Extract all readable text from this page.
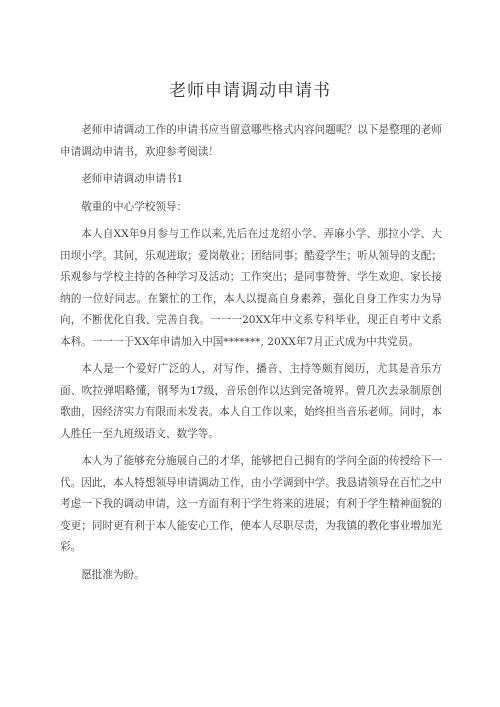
老师申请调动申请书

老师申请调动工作的申请书应当留意哪些格式内容问题呢？以下是整理的老师申请调动申请书，欢迎参考阅读！

老师申请调动申请书1

敬重的中心学校领导：

本人自XX年9月参与工作以来,先后在过龙绍小学、弄麻小学、那拉小学、大田坝小学。其间，乐观进取；爱岗敬业；团结同事；酷爱学生；听从领导的支配；乐观参与学校主持的各种学习及活动；工作突出；是同事赞誉、学生欢迎、家长接纳的一位好同志。在繁忙的工作，本人以提高自身素养，强化自身工作实力为导向，不断优化自我、完善自我。一一一20XX年中文系专科毕业，现正自考中文系本科。一一一于XX年申请加入中国*******, 20XX年7月正式成为中共党员。

本人是一个爱好广泛的人，对写作、播音、主持等颇有阅历，尤其是音乐方面、吹拉弹唱略懂，钢琴为17级，音乐创作以达到完备境界。曾几次去录制原创歌曲，因经济实力有限而未发表。本人自工作以来，始终担当音乐老师。同时，本人胜任一至九班级语文、数学等。

本人为了能够充分施展自己的才华，能够把自己拥有的学问全面的传授给下一代。因此，本人特想领导申请调动工作，由小学调到中学。我恳请领导在百忙之中考虑一下我的调动申请，这一方面有利于学生将来的进展；有利于学生精神面貌的变更；同时更有利于本人能安心工作，使本人尽职尽责，为我镇的教化事业增加光彩。

愿批准为盼。
